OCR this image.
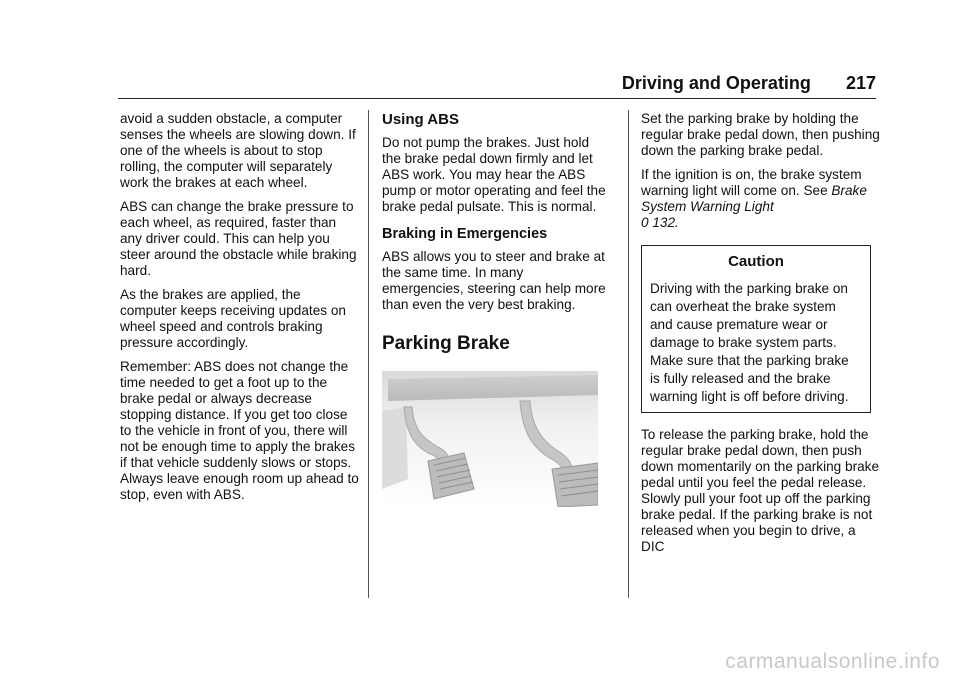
Driving and Operating 217

avoid a sudden obstacle, a computer senses the wheels are slowing down. If one of the wheels is about to stop rolling, the computer will separately work the brakes at each wheel.

ABS can change the brake pressure to each wheel, as required, faster than any driver could. This can help you steer around the obstacle while braking hard.

As the brakes are applied, the computer keeps receiving updates on wheel speed and controls braking pressure accordingly.

Remember: ABS does not change the time needed to get a foot up to the brake pedal or always decrease stopping distance. If you get too close to the vehicle in front of you, there will not be enough time to apply the brakes if that vehicle suddenly slows or stops. Always leave enough room up ahead to stop, even with ABS.

Using ABS

Do not pump the brakes. Just hold the brake pedal down firmly and let ABS work. You may hear the ABS pump or motor operating and feel the brake pedal pulsate. This is normal.

Braking in Emergencies

ABS allows you to steer and brake at the same time. In many emergencies, steering can help more than even the very best braking.

Parking Brake

Set the parking brake by holding the regular brake pedal down, then pushing down the parking brake pedal.

If the ignition is on, the brake system warning light will come on. See Brake System Warning Light
0 132.

Caution
Driving with the parking brake on can overheat the brake system and cause premature wear or damage to brake system parts. Make sure that the parking brake is fully released and the brake warning light is off before driving.

To release the parking brake, hold the regular brake pedal down, then push down momentarily on the parking brake pedal until you feel the pedal release. Slowly pull your foot up off the parking brake pedal. If the parking brake is not released when you begin to drive, a DIC

carmanualsonline.info
